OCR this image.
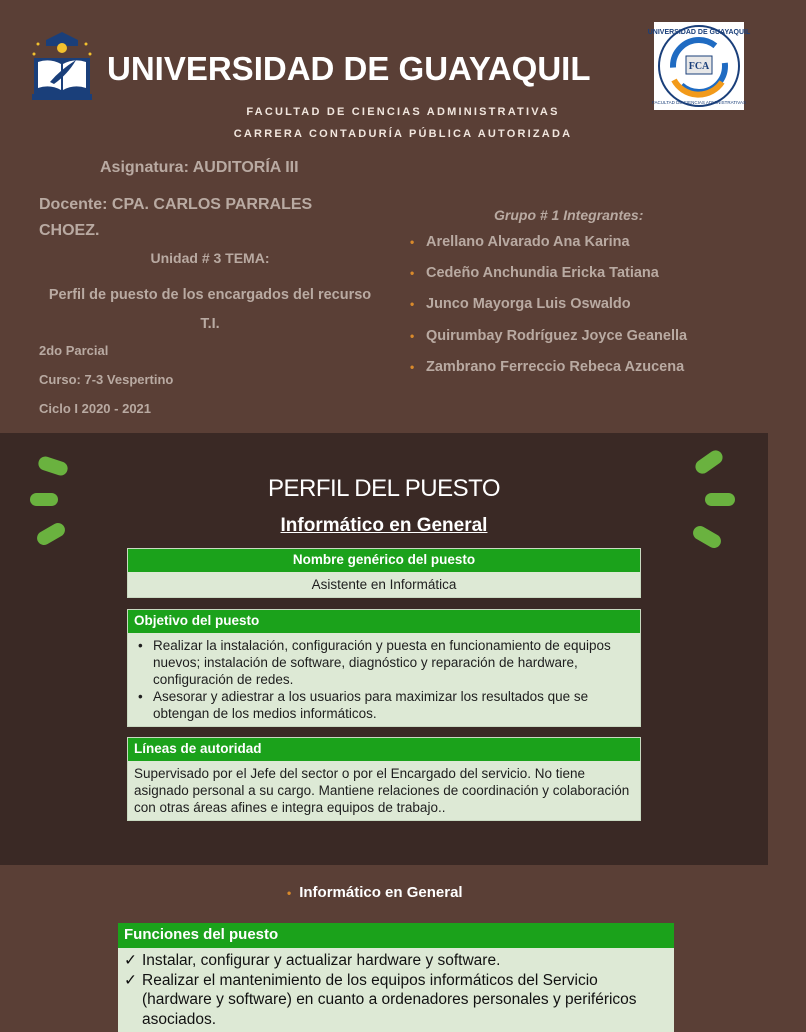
UNIVERSIDAD DE GUAYAQUIL	FCA
UNIVERSIDAD DE GUAYAQUIL
FACULTAD DE CIENCIAS ADMINISTRATIVAS
FACULTAD DE CIENCIAS ADMINISTRATIVAS
CARRERA CONTADURÍA PÚBLICA AUTORIZADA
Asignatura: AUDITORÍA III
Docente: CPA. CARLOS PARRALES CHOEZ.
Unidad # 3 TEMA:
Perfil de puesto de los encargados del recurso T.I.
2do Parcial
Curso: 7-3 Vespertino
Ciclo I 2020 - 2021
Grupo # 1 Integrantes:
• Arellano Alvarado Ana Karina
• Cedeño Anchundia Ericka Tatiana
• Junco Mayorga Luis Oswaldo
• Quirumbay Rodríguez Joyce Geanella
• Zambrano Ferreccio Rebeca Azucena
PERFIL DEL PUESTO
Informático en General
Nombre genérico del puesto
Asistente en Informática
Objetivo del puesto
• Realizar la instalación, configuración y puesta en funcionamiento de equipos nuevos; instalación de software, diagnóstico y reparación de hardware, configuración de redes.
• Asesorar y adiestrar a los usuarios para maximizar los resultados que se obtengan de los medios informáticos.
Líneas de autoridad
Supervisado por el Jefe del sector o por el Encargado del servicio. No tiene asignado personal a su cargo. Mantiene relaciones de coordinación y colaboración con otras áreas afines e integra equipos de trabajo..
• Informático en General
Funciones del puesto
✓ Instalar, configurar y actualizar hardware y software.
✓ Realizar el mantenimiento de los equipos informáticos del Servicio (hardware y software) en cuanto a ordenadores personales y periféricos asociados.
